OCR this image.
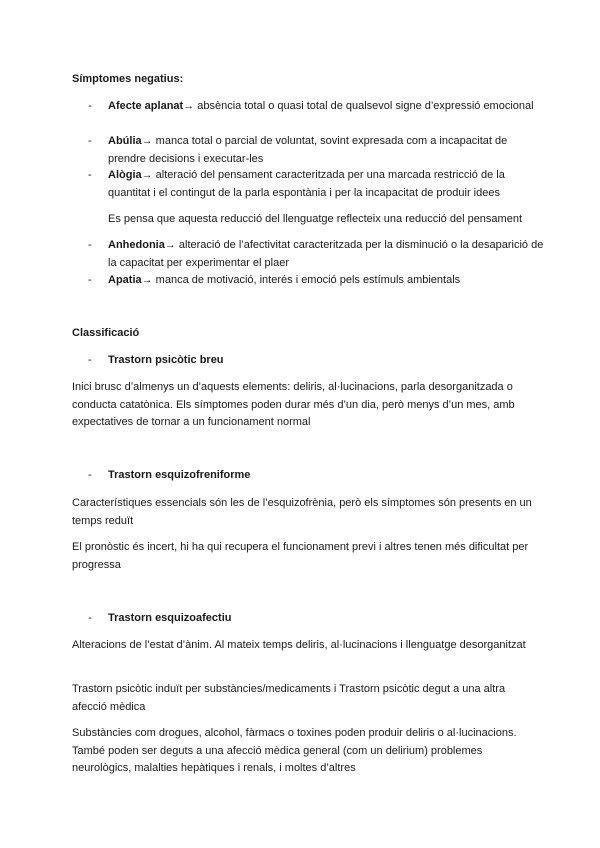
Símptomes negatius:
-	Afecte aplanat→ absència total o quasi total de qualsevol signe d’expressió emocional
-	Abúlia→ manca total o parcial de voluntat, sovint expresada com a incapacitat de prendre decisions i executar-les
-	Alògia→ alteració del pensament caracteritzada per una marcada restricció de la quantitat i el contingut de la parla espontània i per la incapacitat de produir idees
Es pensa que aquesta reducció del llenguatge reflecteix una reducció del pensament
-	Anhedonia→ alteració de l’afectivitat caracteritzada per la disminució o la desaparició de la capacitat per experimentar el plaer
-	Apatia→ manca de motivació, interés i emoció pels estímuls ambientals
Classificació
- Trastorn psicòtic breu
Inici brusc d’almenys un d’aquests elements: deliris, al·lucinacions, parla desorganitzada o conducta catatònica. Els símptomes poden durar més d’un dia, però menys d’un mes, amb expectatives de tornar a un funcionament normal
- Trastorn esquizofreniforme
Característiques essencials són les de l’esquizofrènia, però els símptomes són presents en un temps reduït
El pronòstic és incert, hi ha qui recupera el funcionament previ i altres tenen més dificultat per progressa
- Trastorn esquizoafectiu
Alteracions de l’estat d’ànim. Al mateix temps deliris, al·lucinacions i llenguatge desorganitzat
Trastorn psicòtic induït per substàncies/medicaments i Trastorn psicòtic degut a una altra afecció mèdica
Substàncies com drogues, alcohol, fàrmacs o toxines poden produir deliris o al·lucinacions. També poden ser deguts a una afecció mèdica general (com un delirium) problemes neurològics, malalties hepàtiques i renals, i moltes d’altres
